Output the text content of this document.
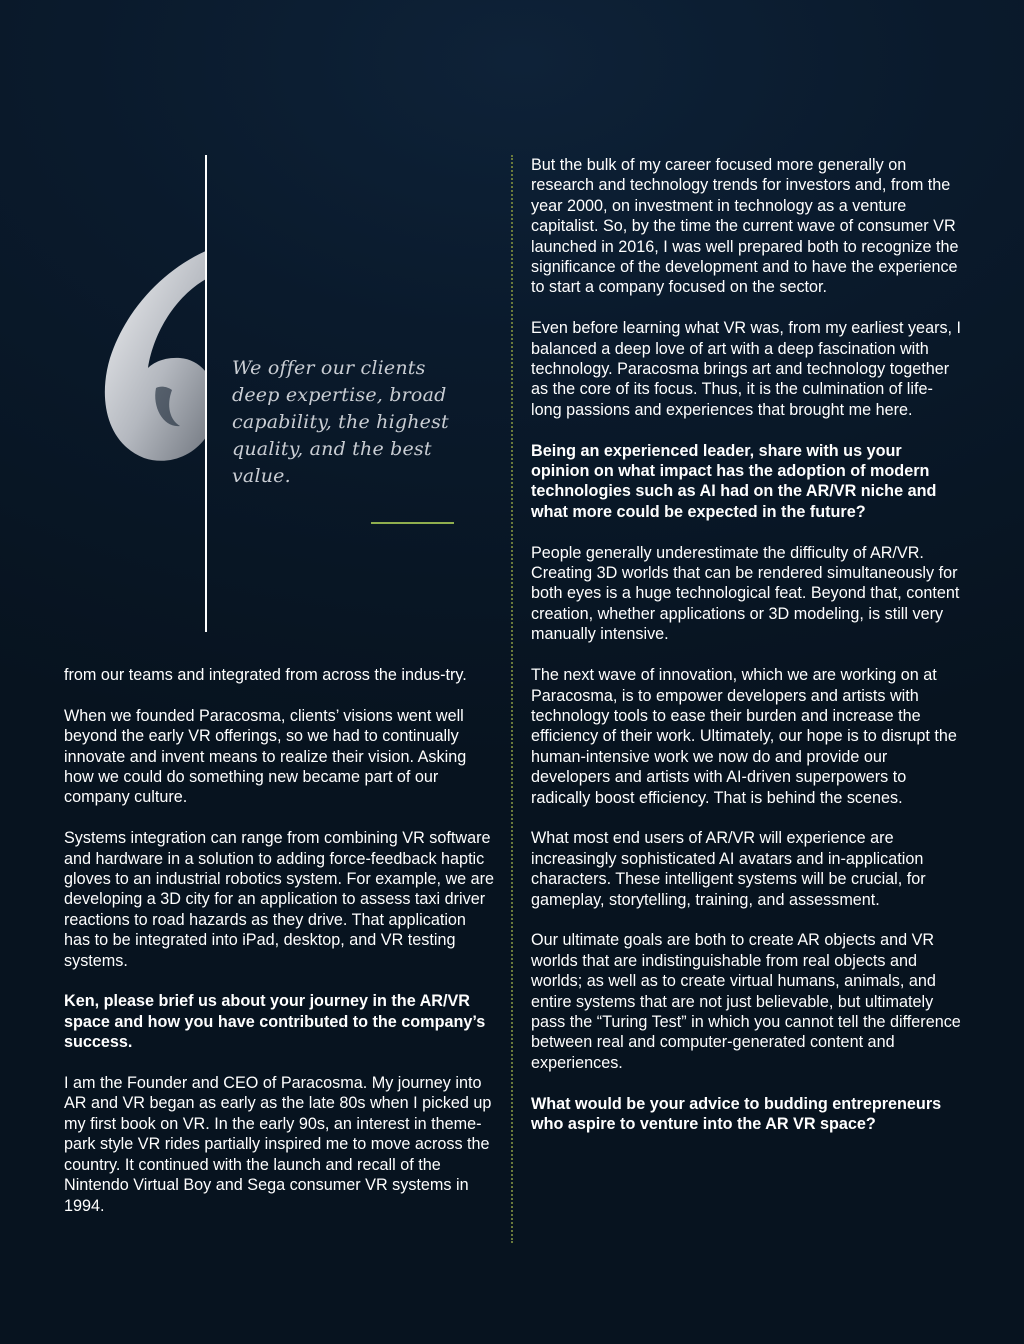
We offer our clients deep expertise, broad capability, the highest quality, and the best value.

from our teams and integrated from across the indus-try.

When we founded Paracosma, clients’ visions went well beyond the early VR offerings, so we had to continually innovate and invent means to realize their vision. Asking how we could do something new became part of our company culture.

Systems integration can range from combining VR software and hardware in a solution to adding force-feedback haptic gloves to an industrial robotics system. For example, we are developing a 3D city for an application to assess taxi driver reactions to road hazards as they drive. That application has to be integrated into iPad, desktop, and VR testing systems.

Ken, please brief us about your journey in the AR/VR space and how you have contributed to the company’s success.

I am the Founder and CEO of Paracosma. My journey into AR and VR began as early as the late 80s when I picked up my first book on VR. In the early 90s, an interest in theme-park style VR rides partially inspired me to move across the country. It continued with the launch and recall of the Nintendo Virtual Boy and Sega consumer VR systems in 1994.

But the bulk of my career focused more generally on research and technology trends for investors and, from the year 2000, on investment in technology as a venture capitalist. So, by the time the current wave of consumer VR launched in 2016, I was well prepared both to recognize the significance of the development and to have the experience to start a company focused on the sector.

Even before learning what VR was, from my earliest years, I balanced a deep love of art with a deep fascination with technology. Paracosma brings art and technology together as the core of its focus. Thus, it is the culmination of life-long passions and experiences that brought me here.

Being an experienced leader, share with us your opinion on what impact has the adoption of modern technologies such as AI had on the AR/VR niche and what more could be expected in the future?

People generally underestimate the difficulty of AR/VR. Creating 3D worlds that can be rendered simultaneously for both eyes is a huge technological feat. Beyond that, content creation, whether applications or 3D modeling, is still very manually intensive.

The next wave of innovation, which we are working on at Paracosma, is to empower developers and artists with technology tools to ease their burden and increase the efficiency of their work. Ultimately, our hope is to disrupt the human-intensive work we now do and provide our developers and artists with AI-driven superpowers to radically boost efficiency. That is behind the scenes.

What most end users of AR/VR will experience are increasingly sophisticated AI avatars and in-application characters. These intelligent systems will be crucial, for gameplay, storytelling, training, and assessment.

Our ultimate goals are both to create AR objects and VR worlds that are indistinguishable from real objects and worlds; as well as to create virtual humans, animals, and entire systems that are not just believable, but ultimately pass the “Turing Test” in which you cannot tell the difference between real and computer-generated content and experiences.

What would be your advice to budding entrepreneurs who aspire to venture into the AR VR space?
